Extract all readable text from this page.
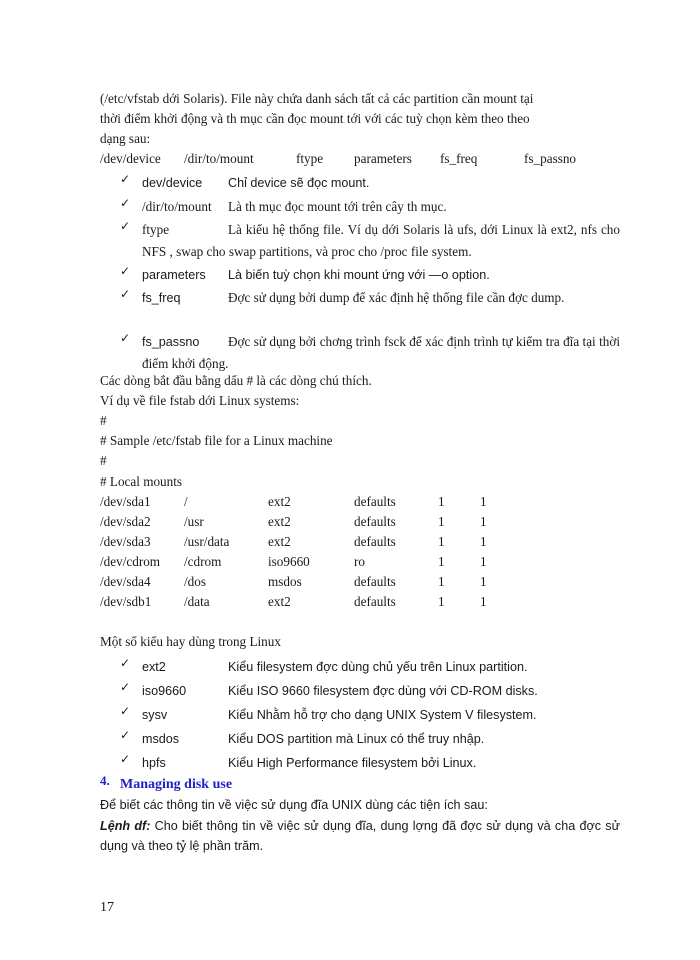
(/etc/vfstab dới Solaris). File này chứa danh sách tất cả các partition cần mount tại
thời điểm khởi động và th mục cần đọc mount tới với các tuỳ chọn kèm theo theo
dạng sau:
/dev/device /dir/to/mount	ftype parameters fs_freq	fs_passno
✓ dev/device Chỉ device sẽ đọc mount.
✓ /dir/to/mount Là th mục đọc mount tới trên cây th mục.
✓ ftype	Là kiểu hệ thống file. Ví dụ dới Solaris là ufs, dới Linux là ext2, nfs cho NFS , swap cho swap partitions, và proc cho /proc file system.
✓ parameters Là biến tuỳ chọn khi mount ứng với —o option.
✓ fs_freq	Đợc sử dụng bởi dump để xác định hệ thống file cần đợc dump.
✓ fs_passno	Đợc sử dụng bởi chơng trình fsck để xác định trình tự kiểm tra đĩa tại thời điểm khởi động.
Các dòng bắt đầu bằng dấu # là các dòng chú thích.
Ví dụ về file fstab dới Linux systems:
#
# Sample /etc/fstab file for a Linux machine
#
# Local mounts
/dev/sda1	/	ext2	defaults	1	1
/dev/sda2	/usr	ext2	defaults	1	1
/dev/sda3	/usr/data	ext2	defaults	1	1
/dev/cdrom /cdrom	iso9660	ro	1	1
/dev/sda4	/dos	msdos	defaults	1	1
/dev/sdb1 /data	ext2	defaults	1	1
Một số kiểu hay dùng trong Linux
✓ ext2	Kiểu filesystem đợc dùng chủ yếu trên Linux partition.
✓ iso9660	Kiểu ISO 9660 filesystem đợc dùng với CD-ROM disks.
✓ sysv	Kiểu Nhằm hỗ trợ cho dạng UNIX System V filesystem.
✓ msdos	Kiểu DOS partition mà Linux có thể truy nhập.
✓ hpfs	Kiểu High Performance filesystem bởi Linux.
4. Managing disk use
Để biết các thông tin về việc sử dụng đĩa UNIX dùng các tiện ích sau:
Lệnh df: Cho biết thông tin về việc sử dụng đĩa, dung lợng đã đợc sử dụng và cha đợc sử dụng và theo tỷ lệ phần trăm.
17
